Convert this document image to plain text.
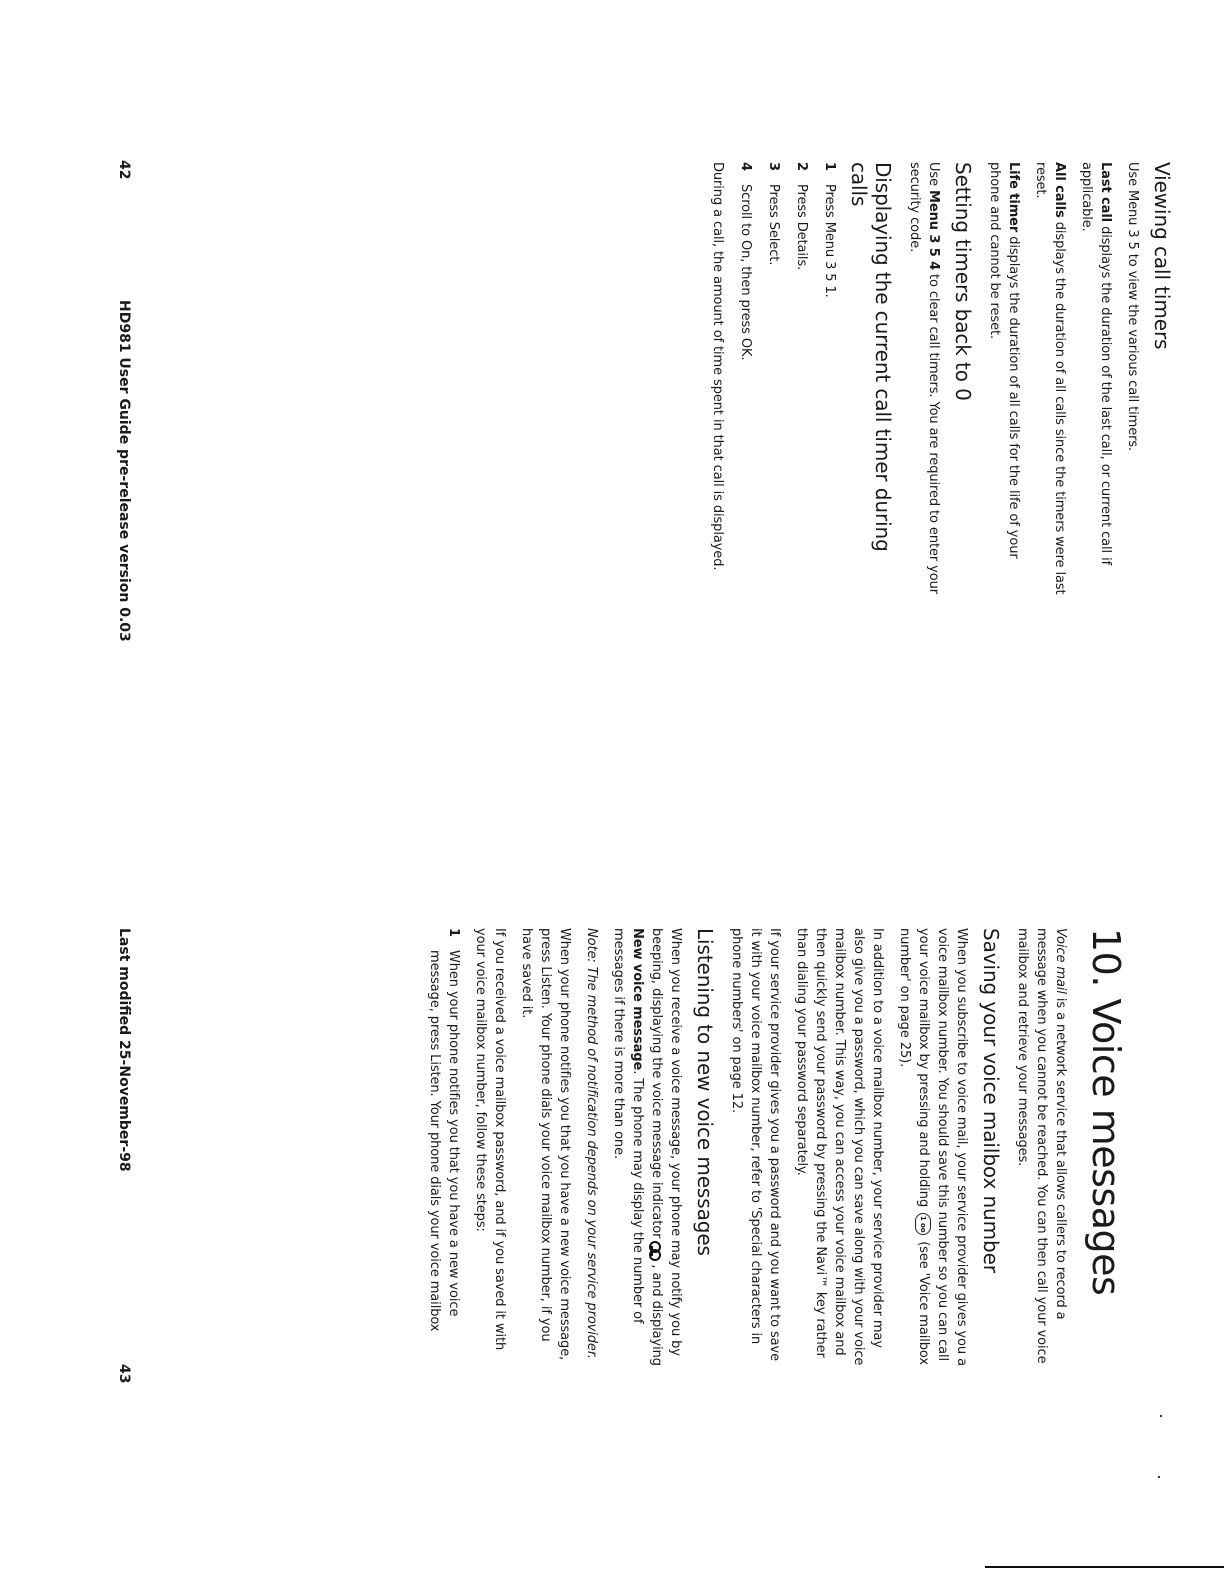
Viewing call timers

Use Menu 3 5 to view the various call timers.

Last call displays the duration of the last call, or current call if applicable.

All calls displays the duration of all calls since the timers were last reset.

Life timer displays the duration of all calls for the life of your phone and cannot be reset.

Setting timers back to 0

Use Menu 3 5 4 to clear call timers. You are required to enter your security code.

Displaying the current call timer during calls
1
Press Menu 3 5 1.
2
Press Details.
3
Press Select.
4
Scroll to On, then press OK.

During a call, the amount of time spent in that call is displayed.

42
HD981 User Guide pre-release version 0.03
10. Voice messages

Voice mail is a network service that allows callers to record a message when you cannot be reached. You can then call your voice mailbox and retrieve your messages.

Saving your voice mailbox number

When you subscribe to voice mail, your service provider gives you a voice mailbox number. You should save this number so you can call your voice mailbox by pressing and holding 1 oo (see 'Voice mailbox number' on page 25).

In addition to a voice mailbox number, your service provider may also give you a password, which you can save along with your voice mailbox number. This way, you can access your voice mailbox and then quickly send your password by pressing the Navi™ key rather than dialing your password separately.

If your service provider gives you a password and you want to save it with your voice mailbox number, refer to 'Special characters in phone numbers' on page 12.

Listening to new voice messages

When you receive a voice message, your phone may notify you by beeping, displaying the voice message indicator
, and displaying New voice message. The phone may display the number of messages if there is more than one.

Note: The method of notification depends on your service provider.

When your phone notifies you that you have a new voice message, press Listen. Your phone dials your voice mailbox number, if you have saved it.

If you received a voice mailbox password, and if you saved it with your voice mailbox number, follow these steps:

1
When your phone notifies you that you have a new voice message, press Listen. Your phone dials your voice mailbox
Last modified 25-November-98
43
